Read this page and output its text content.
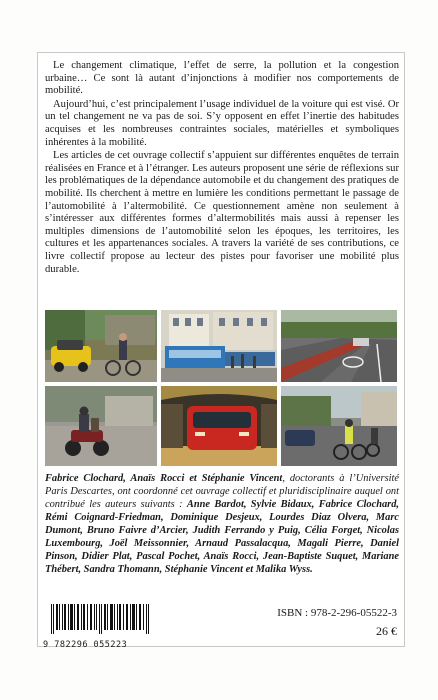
Le changement climatique, l’effet de serre, la pollution et la congestion urbaine… Ce sont là autant d’injonctions à modifier nos comportements de mobilité.

Aujourd’hui, c’est principalement l’usage individuel de la voiture qui est visé. Or un tel changement ne va pas de soi. S’y opposent en effet l’inertie des habitudes acquises et les nombreuses contraintes sociales, matérielles et symboliques inhérentes à la mobilité.

Les articles de cet ouvrage collectif s’appuient sur différentes enquêtes de terrain réalisées en France et à l’étranger. Les auteurs proposent une série de réflexions sur les problématiques de la dépendance automobile et du changement des pratiques de mobilité. Ils cherchent à mettre en lumière les conditions permettant le passage de l’automobilité à l’altermobilité. Ce questionnement amène non seulement à s’intéresser aux différentes formes d’altermobilités mais aussi à repenser les multiples dimensions de l’automobilité selon les époques, les territoires, les cultures et les appartenances sociales. A travers la variété de ses contributions, ce livre collectif propose au lecteur des pistes pour favoriser une mobilité plus durable.

Fabrice Clochard, Anaïs Rocci et Stéphanie Vincent, doctorants à l’Université Paris Descartes, ont coordonné cet ouvrage collectif et pluridisciplinaire auquel ont contribué les auteurs suivants : Anne Bardot, Sylvie Bidaux, Fabrice Clochard, Rémi Coignard-Friedman, Dominique Desjeux, Lourdes Diaz Olvera, Marc Dumont, Bruno Faivre d’Arcier, Judith Ferrando y Puig, Célia Forget, Nicolas Luxembourg, Joël Meissonnier, Arnaud Passalacqua, Magali Pierre, Daniel Pinson, Didier Plat, Pascal Pochet, Anaïs Rocci, Jean-Baptiste Suquet, Mariane Thébert, Sandra Thomann, Stéphanie Vincent et Malika Wyss.
9 782296 055223
ISBN : 978-2-296-05522-3
26 €
